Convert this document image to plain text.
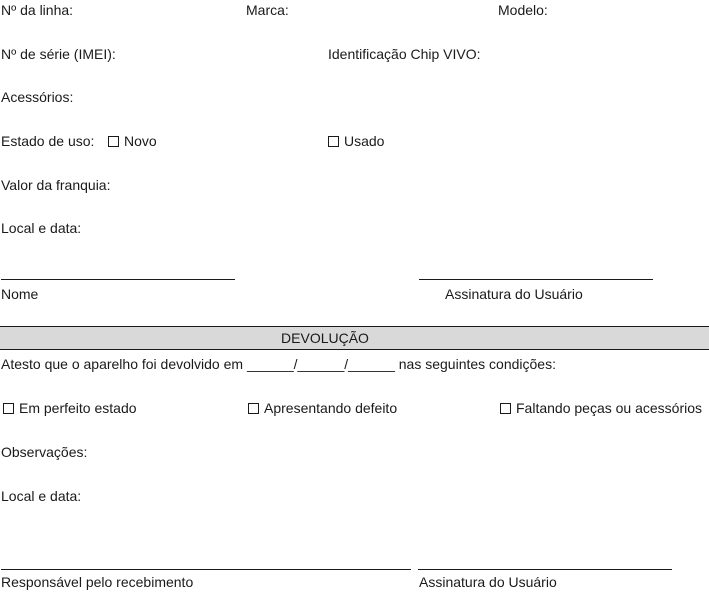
Nº da linha:	Marca:	Modelo:
Nº de série (IMEI):	Identificação Chip VIVO:
Acessórios:
Estado de uso:	Novo	Usado
Valor da franquia:
Local e data:
Nome	Assinatura do Usuário
DEVOLUÇÃO
Atesto que o aparelho foi devolvido em ______/______/______ nas seguintes condições:
Em perfeito estado	Apresentando defeito	Faltando peças ou acessórios
Observações:
Local e data:
Responsável pelo recebimento	Assinatura do Usuário
